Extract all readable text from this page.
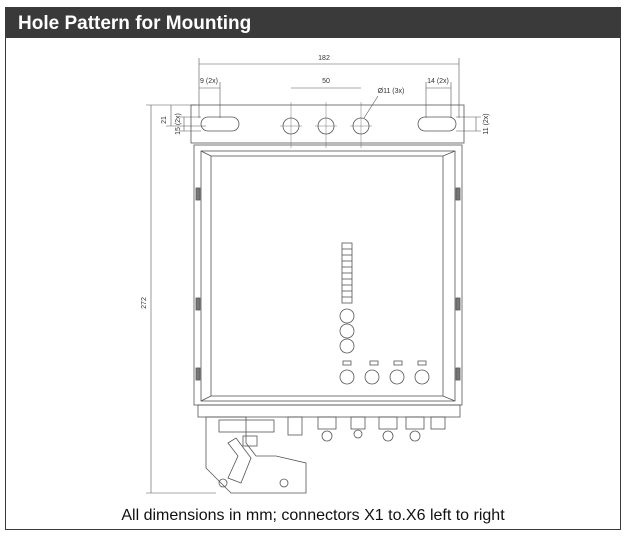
Hole Pattern for Mounting
182
9 (2x)	50
Ø11 (3x)
14 (2x)
21 15 (2x)	11 (2x)
272
All dimensions in mm; connectors X1 to.X6 left to right
